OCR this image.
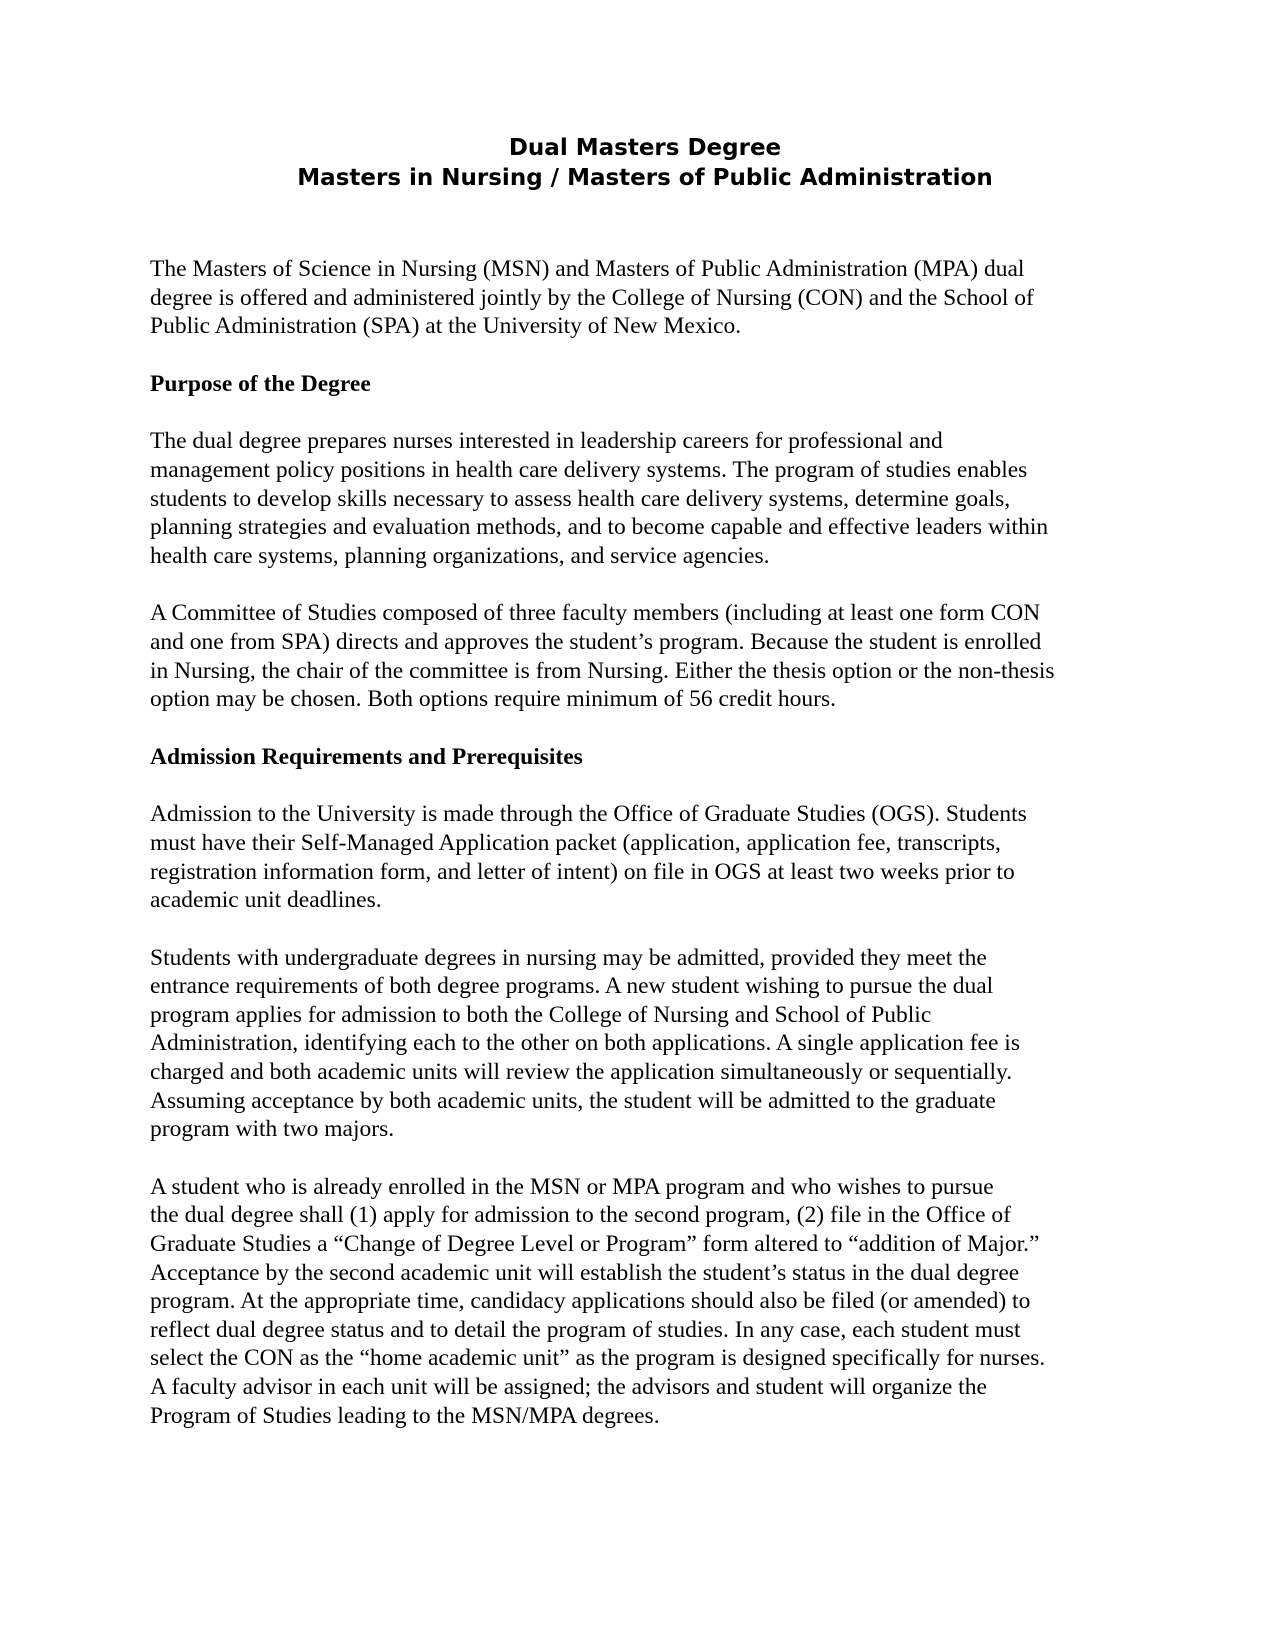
Dual Masters Degree
Masters in Nursing / Masters of Public Administration
The Masters of Science in Nursing (MSN) and Masters of Public Administration (MPA) dual
degree is offered and administered jointly by the College of Nursing (CON) and the School of
Public Administration (SPA) at the University of New Mexico.
Purpose of the Degree
The dual degree prepares nurses interested in leadership careers for professional and
management policy positions in health care delivery systems. The program of studies enables
students to develop skills necessary to assess health care delivery systems, determine goals,
planning strategies and evaluation methods, and to become capable and effective leaders within
health care systems, planning organizations, and service agencies.
A Committee of Studies composed of three faculty members (including at least one form CON
and one from SPA) directs and approves the student’s program. Because the student is enrolled
in Nursing, the chair of the committee is from Nursing. Either the thesis option or the non-thesis
option may be chosen. Both options require minimum of 56 credit hours.
Admission Requirements and Prerequisites
Admission to the University is made through the Office of Graduate Studies (OGS). Students
must have their Self-Managed Application packet (application, application fee, transcripts,
registration information form, and letter of intent) on file in OGS at least two weeks prior to
academic unit deadlines.
Students with undergraduate degrees in nursing may be admitted, provided they meet the
entrance requirements of both degree programs. A new student wishing to pursue the dual
program applies for admission to both the College of Nursing and School of Public
Administration, identifying each to the other on both applications. A single application fee is
charged and both academic units will review the application simultaneously or sequentially.
Assuming acceptance by both academic units, the student will be admitted to the graduate
program with two majors.
A student who is already enrolled in the MSN or MPA program and who wishes to pursue
the dual degree shall (1) apply for admission to the second program, (2) file in the Office of
Graduate Studies a “Change of Degree Level or Program” form altered to “addition of Major.”
Acceptance by the second academic unit will establish the student’s status in the dual degree
program. At the appropriate time, candidacy applications should also be filed (or amended) to
reflect dual degree status and to detail the program of studies. In any case, each student must
select the CON as the “home academic unit” as the program is designed specifically for nurses.
A faculty advisor in each unit will be assigned; the advisors and student will organize the
Program of Studies leading to the MSN/MPA degrees.
